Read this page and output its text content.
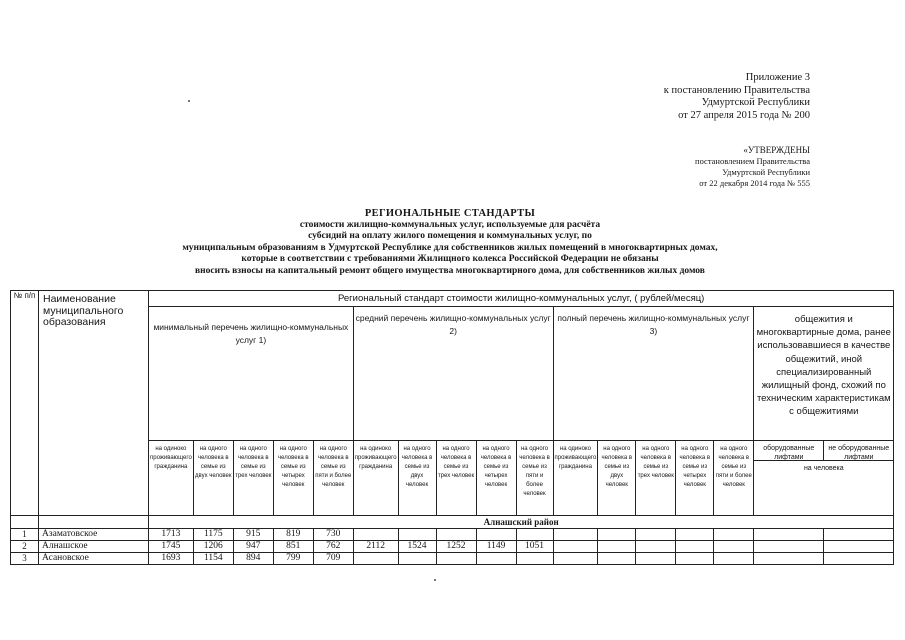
Приложение 3
к постановлению Правительства
Удмуртской Республики
от 27 апреля 2015 года № 200
«УТВЕРЖДЕНЫ
постановлением Правительства
Удмуртской Республики
от 22 декабря 2014 года № 555
РЕГИОНАЛЬНЫЕ СТАНДАРТЫ
стоимости жилищно-коммунальных услуг, используемые для расчёта
субсидий на оплату жилого помещения и коммунальных услуг, по
муниципальным образованиям в Удмуртской Республике для собственников жилых помещений в многоквартирных домах,
которые в соответствии с требованиями Жилищного колекса Российской Федерации не обязаны
вносить взносы на капитальный ремонт общего имущества многоквартирного дома, для собственников жилых домов
№ п/п	Наименование муниципального образования	Региональный стандарт стоимости жилищно-коммунальных услуг, ( рублей/месяц)																
		минимальный перечень жилищно-коммунальных услуг 1)					средний перечень жилищно-коммунальных услуг 2)					полный перечень жилищно-коммунальных услуг 3)					общежития и многоквартирные дома, ранее использовавшиеся в качестве общежитий, иной специализированный жилищный фонд, схожий по техническим характеристикам с общежитиями	
		на одиноко проживающего гражданина	на одного человека в семье из двух человек	на одного человека в семье из трех человек	на одного человека в семье из четырех человек	на одного человека в семье из пяти и более человек	на одиноко проживающего гражданина	на одного человека в семье из двух человек	на одного человека в семье из трех человек	на одного человека в семье из четырех человек	на одного человека в семье из пяти и более человек	на одиноко проживающего гражданина	на одного человека в семье из двух человек	на одного человека в семье из трех человек	на одного человека в семье из четырех человек	на одного человека в семье из пяти и более человек	оборудованные лифтами
не оборудованные лифтами
на человека	

		Алнашский район																
1	Азаматовское	1713	1175	915	819	730												
2	Алнашское	1745	1206	947	851	762	2112	1524	1252	1149	1051							
3	Асановское	1693	1154	894	799	709												
